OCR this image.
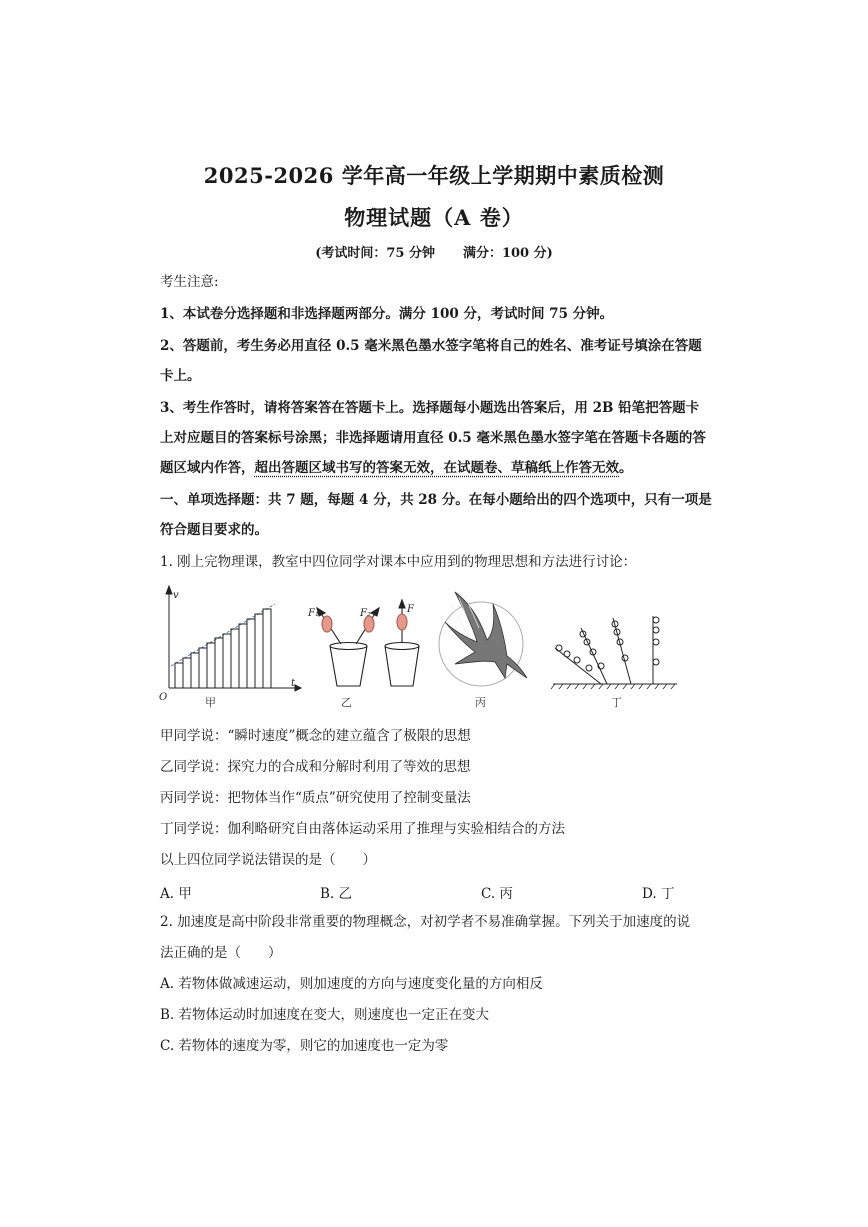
2025-2026 学年高一年级上学期期中素质检测
物理试题（A 卷）
(考试时间：75 分钟 满分：100 分)
考生注意:
1、本试卷分选择题和非选择题两部分。满分 100 分，考试时间 75 分钟。
2、答题前，考生务必用直径 0.5 毫米黑色墨水签字笔将自己的姓名、准考证号填涂在答题
卡上。
3、考生作答时，请将答案答在答题卡上。选择题每小题选出答案后，用 2B 铅笔把答题卡
上对应题目的答案标号涂黑；非选择题请用直径 0.5 毫米黑色墨水签字笔在答题卡各题的答
题区域内作答，超出答题区域书写的答案无效，在试题卷、草稿纸上作答无效。
一、单项选择题：共 7 题，每题 4 分，共 28 分。在每小题给出的四个选项中，只有一项是
符合题目要求的。
1. 刚上完物理课，教室中四位同学对课本中应用到的物理思想和方法进行讨论：
v
t
O
F₁	F₂	F
甲	乙	丙	丁
甲同学说：“瞬时速度”概念的建立蕴含了极限的思想
乙同学说：探究力的合成和分解时利用了等效的思想
丙同学说：把物体当作“质点”研究使用了控制变量法
丁同学说：伽利略研究自由落体运动采用了推理与实验相结合的方法
以上四位同学说法错误的是（　　）
A. 甲	B. 乙	C. 丙	D. 丁
2. 加速度是高中阶段非常重要的物理概念，对初学者不易准确掌握。下列关于加速度的说
法正确的是（　　）
A. 若物体做减速运动，则加速度的方向与速度变化量的方向相反
B. 若物体运动时加速度在变大，则速度也一定正在变大
C. 若物体的速度为零，则它的加速度也一定为零
